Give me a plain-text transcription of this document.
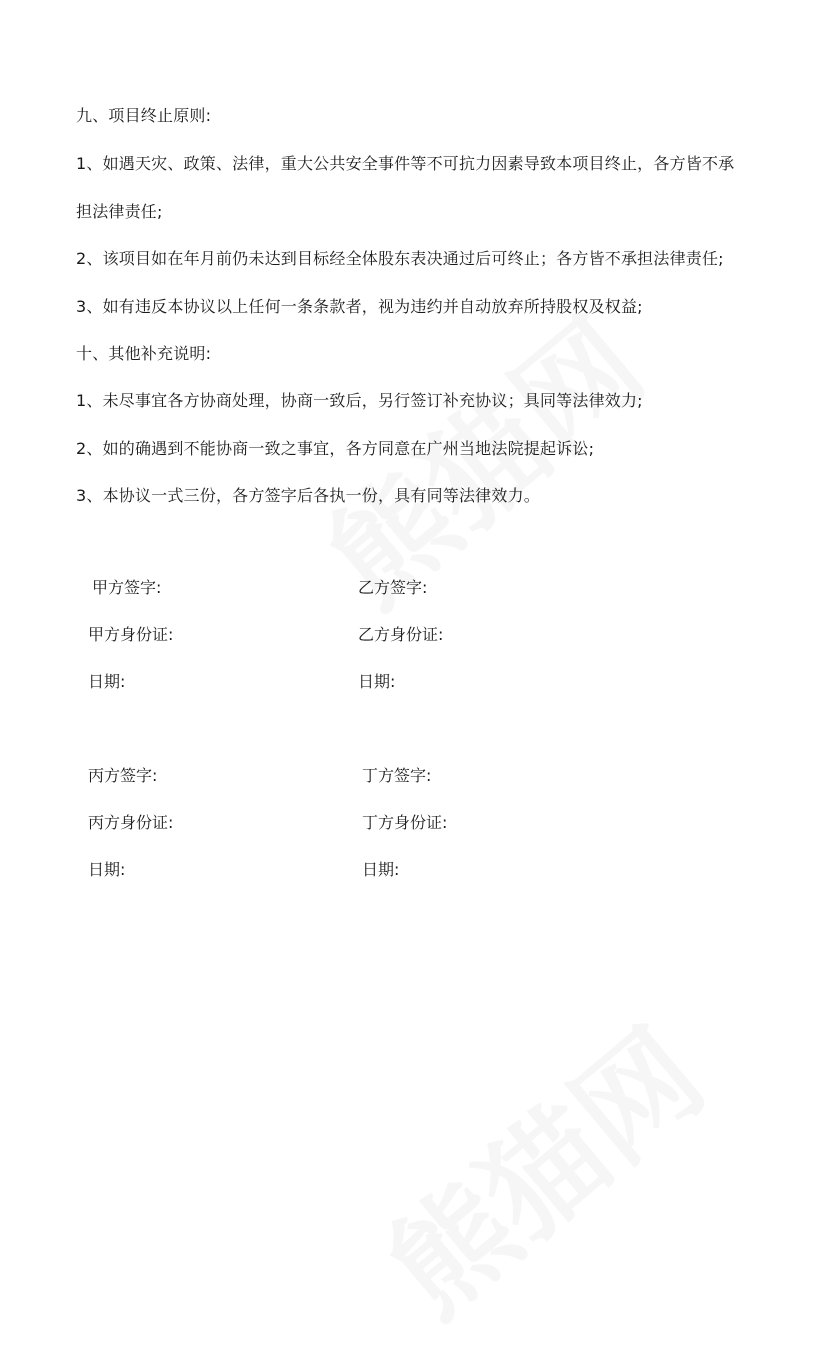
九、项目终止原则:
1、如遇天灾、政策、法律，重大公共安全事件等不可抗力因素导致本项目终止，各方皆不承
担法律责任;
2、该项目如在年月前仍未达到目标经全体股东表决通过后可终止；各方皆不承担法律责任;
3、如有违反本协议以上任何一条条款者，视为违约并自动放弃所持股权及权益;
十、其他补充说明:
1、未尽事宜各方协商处理，协商一致后，另行签订补充协议；具同等法律效力;
2、如的确遇到不能协商一致之事宜，各方同意在广州当地法院提起诉讼;
3、本协议一式三份，各方签字后各执一份，具有同等法律效力。
甲方签字:	乙方签字:
甲方身份证:	乙方身份证:
日期:	日期:
丙方签字:	丁方签字:
丙方身份证:	丁方身份证:
日期:	日期:
